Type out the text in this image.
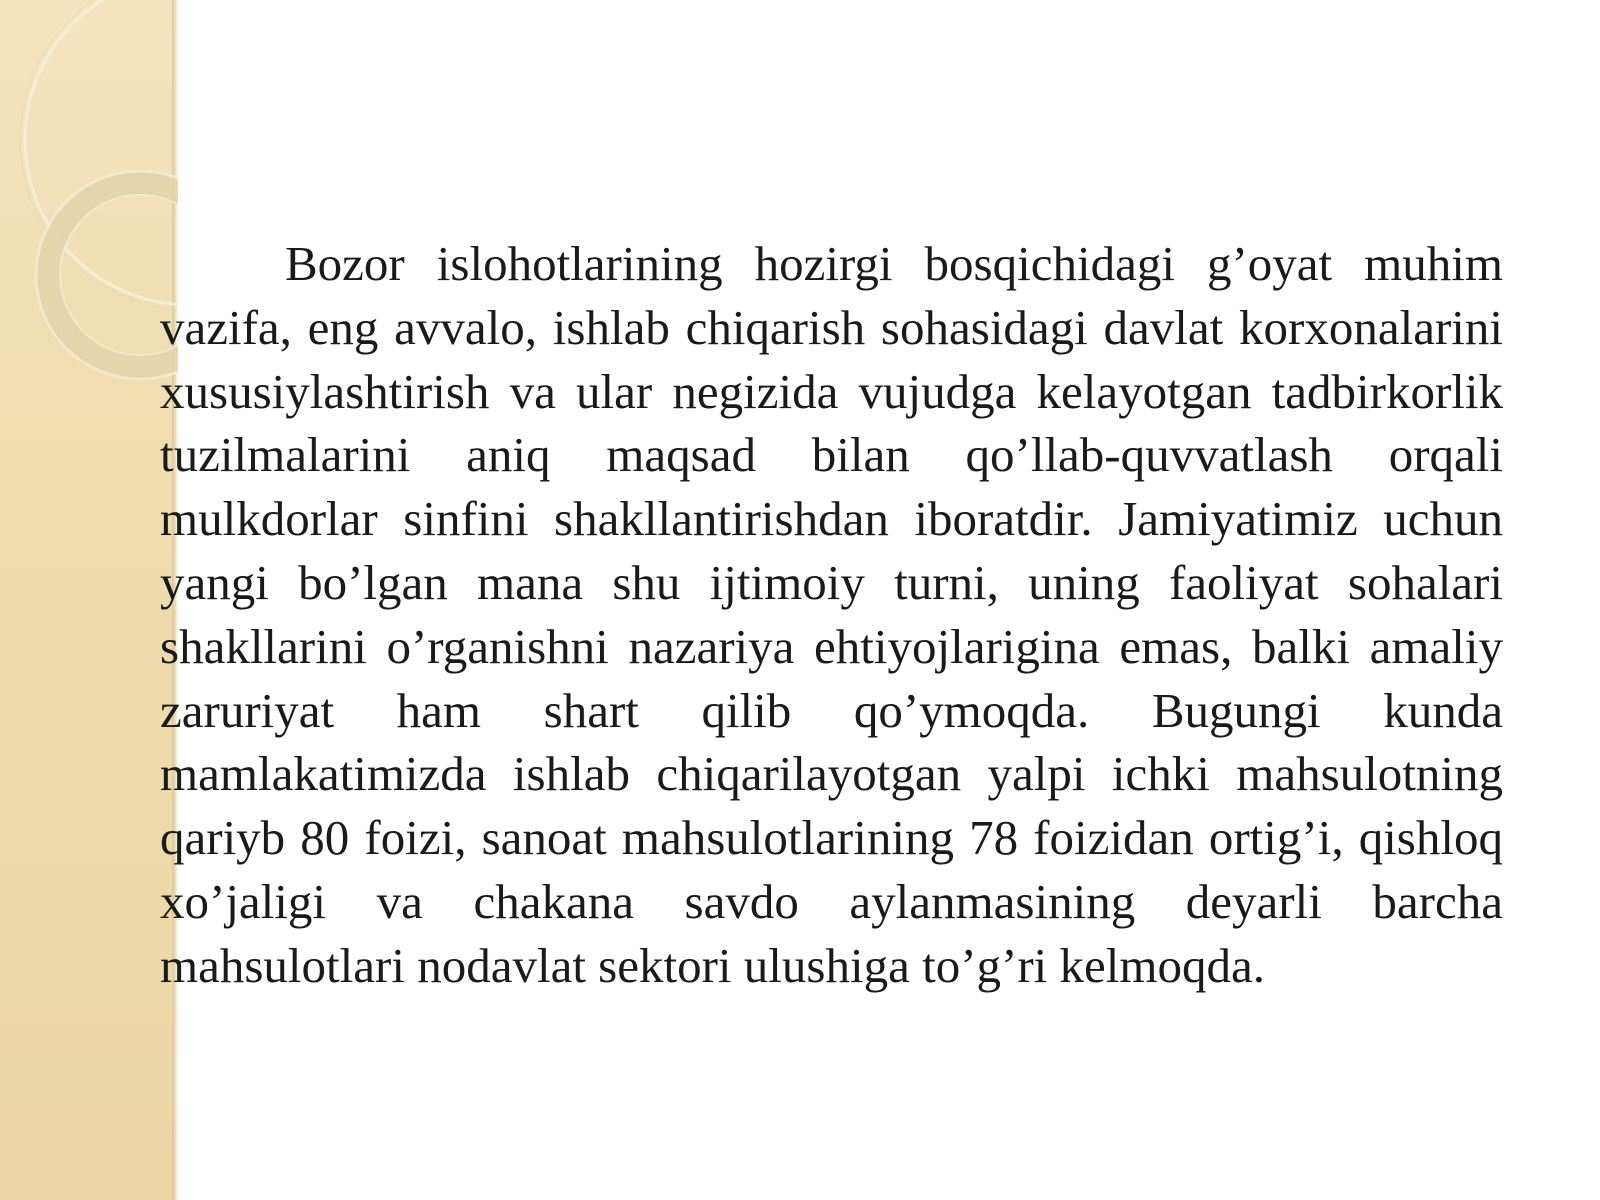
Bozor islohotlarining hozirgi bosqichidagi g’oyat muhim vazifa, eng avvalo, ishlab chiqarish sohasidagi davlat korxonalarini xususiylashtirish va ular negizida vujudga kelayotgan tadbirkorlik tuzilmalarini aniq maqsad bilan qo’llab-quvvatlash orqali mulkdorlar sinfini shakllantirishdan iboratdir. Jamiyatimiz uchun yangi bo’lgan mana shu ijtimoiy turni, uning faoliyat sohalari shakllarini o’rganishni nazariya ehtiyojlarigina emas, balki amaliy zaruriyat ham shart qilib qo’ymoqda. Bugungi kunda mamlakatimizda ishlab chiqarilayotgan yalpi ichki mahsulotning qariyb 80 foizi, sanoat mahsulotlarining 78 foizidan ortig’i, qishloq xo’jaligi va chakana savdo aylanmasining deyarli barcha mahsulotlari nodavlat sektori ulushiga to’g’ri kelmoqda.
